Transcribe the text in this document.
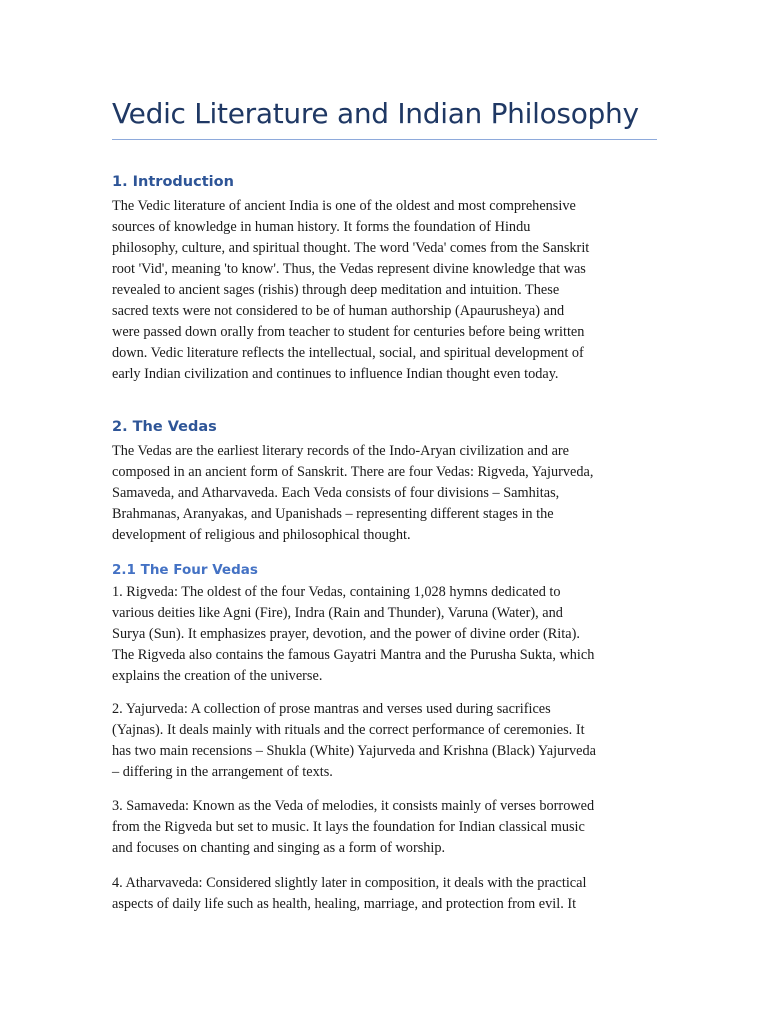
Vedic Literature and Indian Philosophy
1. Introduction
The Vedic literature of ancient India is one of the oldest and most comprehensive
sources of knowledge in human history. It forms the foundation of Hindu
philosophy, culture, and spiritual thought. The word 'Veda' comes from the Sanskrit
root 'Vid', meaning 'to know'. Thus, the Vedas represent divine knowledge that was
revealed to ancient sages (rishis) through deep meditation and intuition. These
sacred texts were not considered to be of human authorship (Apaurusheya) and
were passed down orally from teacher to student for centuries before being written
down. Vedic literature reflects the intellectual, social, and spiritual development of
early Indian civilization and continues to influence Indian thought even today.
2. The Vedas
The Vedas are the earliest literary records of the Indo-Aryan civilization and are
composed in an ancient form of Sanskrit. There are four Vedas: Rigveda, Yajurveda,
Samaveda, and Atharvaveda. Each Veda consists of four divisions – Samhitas,
Brahmanas, Aranyakas, and Upanishads – representing different stages in the
development of religious and philosophical thought.
2.1 The Four Vedas
1. Rigveda: The oldest of the four Vedas, containing 1,028 hymns dedicated to
various deities like Agni (Fire), Indra (Rain and Thunder), Varuna (Water), and
Surya (Sun). It emphasizes prayer, devotion, and the power of divine order (Rita).
The Rigveda also contains the famous Gayatri Mantra and the Purusha Sukta, which
explains the creation of the universe.
2. Yajurveda: A collection of prose mantras and verses used during sacrifices
(Yajnas). It deals mainly with rituals and the correct performance of ceremonies. It
has two main recensions – Shukla (White) Yajurveda and Krishna (Black) Yajurveda
– differing in the arrangement of texts.
3. Samaveda: Known as the Veda of melodies, it consists mainly of verses borrowed
from the Rigveda but set to music. It lays the foundation for Indian classical music
and focuses on chanting and singing as a form of worship.
4. Atharvaveda: Considered slightly later in composition, it deals with the practical
aspects of daily life such as health, healing, marriage, and protection from evil. It
